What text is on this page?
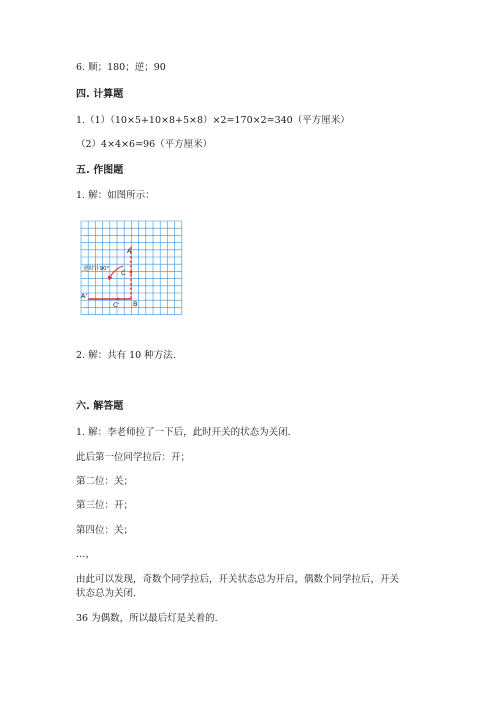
6. 顺；180；逆；90
四. 计算题
1.（1）（10×5+10×8+5×8）×2=170×2=340（平方厘米）
（2）4×4×6=96（平方厘米）
五. 作图题
1. 解：如图所示：
A
C
B
A'
C'
逆时针90°
2. 解：共有 10 种方法.
六. 解答题
1. 解：李老师拉了一下后，此时开关的状态为关闭.
此后第一位同学拉后：开；
第二位：关；
第三位：开；
第四位：关；
…，
由此可以发现，奇数个同学拉后，开关状态总为开启，偶数个同学拉后，开关
状态总为关闭.
36 为偶数，所以最后灯是关着的.
